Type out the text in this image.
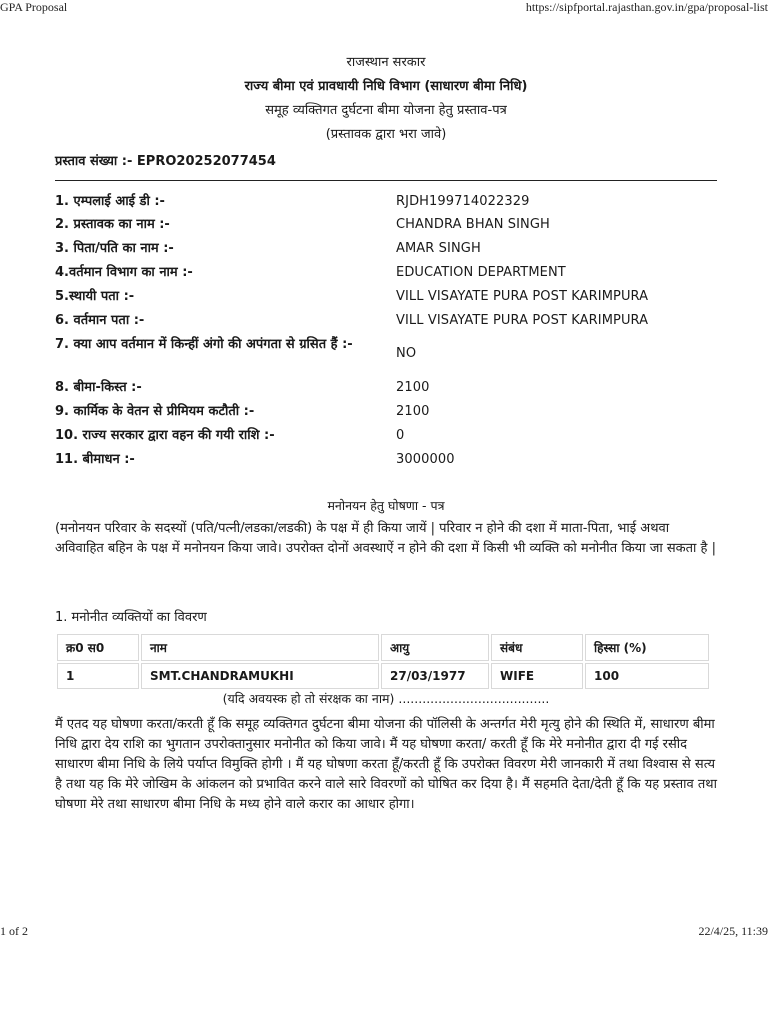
GPA Proposal	https://sipfportal.rajasthan.gov.in/gpa/proposal-list
राजस्थान सरकार
राज्य बीमा एवं प्रावधायी निधि विभाग (साधारण बीमा निधि)
समूह व्यक्तिगत दुर्घटना बीमा योजना हेतु प्रस्ताव-पत्र
(प्रस्तावक द्वारा भरा जावे)
प्रस्ताव संख्या :- EPRO20252077454
1. एम्पलाई आई डी :-	RJDH199714022329
2. प्रस्तावक का नाम :-	CHANDRA BHAN SINGH
3. पिता/पति का नाम :-	AMAR SINGH
4.वर्तमान विभाग का नाम :-	EDUCATION DEPARTMENT
5.स्थायी पता :-	VILL VISAYATE PURA POST KARIMPURA
6. वर्तमान पता :-	VILL VISAYATE PURA POST KARIMPURA
7. क्या आप वर्तमान में किन्हीं अंगो की अपंगता से ग्रसित हैं :-
NO
8. बीमा-किस्त :-	2100
9. कार्मिक के वेतन से प्रीमियम कटौती :-	2100
10. राज्य सरकार द्वारा वहन की गयी राशि :-	0
11. बीमाधन :-	3000000
मनोनयन हेतु घोषणा - पत्र
(मनोनयन परिवार के सदस्यों (पति/पत्नी/लडका/लडकी) के पक्ष में ही किया जायें | परिवार न होने की दशा में माता-पिता, भाई अथवा अविवाहित बहिन के पक्ष में मनोनयन किया जावे। उपरोक्त दोनों अवस्थाऐं न होने की दशा में किसी भी व्यक्ति को मनोनीत किया जा सकता है |
1. मनोनीत व्यक्तियों का विवरण
क्र0 स0	नाम	आयु	संबंध	हिस्सा (%)
1	SMT.CHANDRAMUKHI	27/03/1977	WIFE	100
(यदि अवयस्क हो तो संरक्षक का नाम) ......................................
मैं एतद यह घोषणा करता/करती हूँ कि समूह व्यक्तिगत दुर्घटना बीमा योजना की पॉलिसी के अन्तर्गत मेरी मृत्यु होने की स्थिति में, साधारण बीमा निधि द्वारा देय राशि का भुगतान उपरोक्तानुसार मनोनीत को किया जावे। मैं यह घोषणा करता/ करती हूँ कि मेरे मनोनीत द्वारा दी गई रसीद साधारण बीमा निधि के लिये पर्याप्त विमुक्ति होगी । मैं यह घोषणा करता हूँ/करती हूँ कि उपरोक्त विवरण मेरी जानकारी में तथा विश्वास से सत्य है तथा यह कि मेरे जोखिम के आंकलन को प्रभावित करने वाले सारे विवरणों को घोषित कर दिया है। मैं सहमति देता/देती हूँ कि यह प्रस्ताव तथा घोषणा मेरे तथा साधारण बीमा निधि के मध्य होने वाले करार का आधार होगा।
1 of 2	22/4/25, 11:39
